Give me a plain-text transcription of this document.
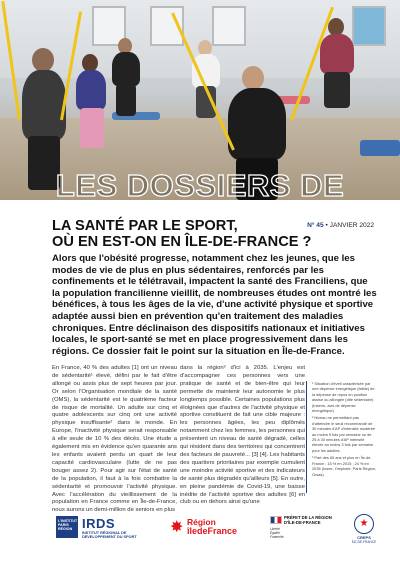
LES DOSSIERS DE
N° 45 • JANVIER 2022
LA SANTÉ PAR LE SPORT,
OÙ EN EST-ON EN ÎLE-DE-FRANCE ?

Alors que l'obésité progresse, notamment chez les jeunes, que les modes de vie de plus en plus sédentaires, renforcés par les confinements et le télétravail, impactent la santé des Franciliens, que la population francilienne vieillit, de nombreuses études ont montré les bénéfices, à tous les âges de la vie, d'une activité physique et sportive adaptée aussi bien en prévention qu'en traitement des maladies chroniques. Entre déclinaison des dispositifs nationaux et initiatives locales, le sport-santé se met en place progressivement dans les régions. Ce dossier fait le point sur la situation en Île-de-France.

En France, 40 % des adultes [1] ont un niveau de sédentarité¹ élevé, défini par le fait d'être allongé ou assis plus de sept heures par jour. Or selon l'Organisation mondiale de la santé (OMS), la sédentarité est le quatrième facteur de risque de mortalité. Un adulte sur cinq et quatre adolescents sur cinq ont une activité physique insuffisante² dans le monde. En Europe, l'inactivité physique serait responsable à elle seule de 10 % des décès. Une étude a également mis en évidence qu'en quarante ans les enfants avaient perdu un quart de leur capacité cardiovasculaire (lutte de ne pas bouger assez 2). Pour agir sur l'état de santé de la population, il faut à la fois combattre la sédentarité et promouvoir l'activité physique. Avec l'accélération du vieillissement de la population en France comme en Île-de-France, nous aurons un demi-million de seniors en plus

dans la région³ d'ici à 2035. L'enjeu est d'accompagner ces personnes vers une pratique de santé et de bien-être qui leur permette de maintenir leur autonomie le plus longtemps possible. Certaines populations plus éloignées que d'autres de l'activité physique et sportive constituent de fait une cible majeure : les personnes âgées, les peu diplômés notamment chez les femmes, les personnes qui présentent un niveau de santé dégradé, celles qui résident dans des territoires qui concentrent des facteurs de pauvreté... [3] [4]. Les habitants des quartiers prioritaires par exemple cumulent une moindre activité sportive et des indicateurs de santé plus dégradés qu'ailleurs [5]. En outre, en pleine pandémie de Covid-19, une baisse inédite de l'activité sportive des adultes [6] en club ou en dehors ainsi qu'une

¹ Situation d'éveil caractérisée par une dépense énergétique (faible) de la dépense de repos en position assise ou allongée (dite sédentaire) (Inserm, avis de dépense énergétique).

² Niveau ne permettant pas d'atteindre le seuil recommandé de 30 minutes d'AP d'intensité modérée au moins 5 fois par semaine ou de 25 à 30 minutes d'AP intensité élevée au moins 3 fois par semaine pour les adultes.

³ Part des 65 ans et plus en Île-de-France : 15 % en 2015 ; 24 % en 2035 (Insee, Omphale, Paris Région, Orsas).

L'INSTITUT PARIS RÉGION IRDS
INSTITUT RÉGIONAL DE DÉVELOPPEMENT DU SPORT
✸ Région
îledeFrance
PRÉFET DE LA RÉGION D'ÎLE-DE-FRANCE
Liberté Égalité Fraternité
★
CREPS
ÎLE-DE-FRANCE
